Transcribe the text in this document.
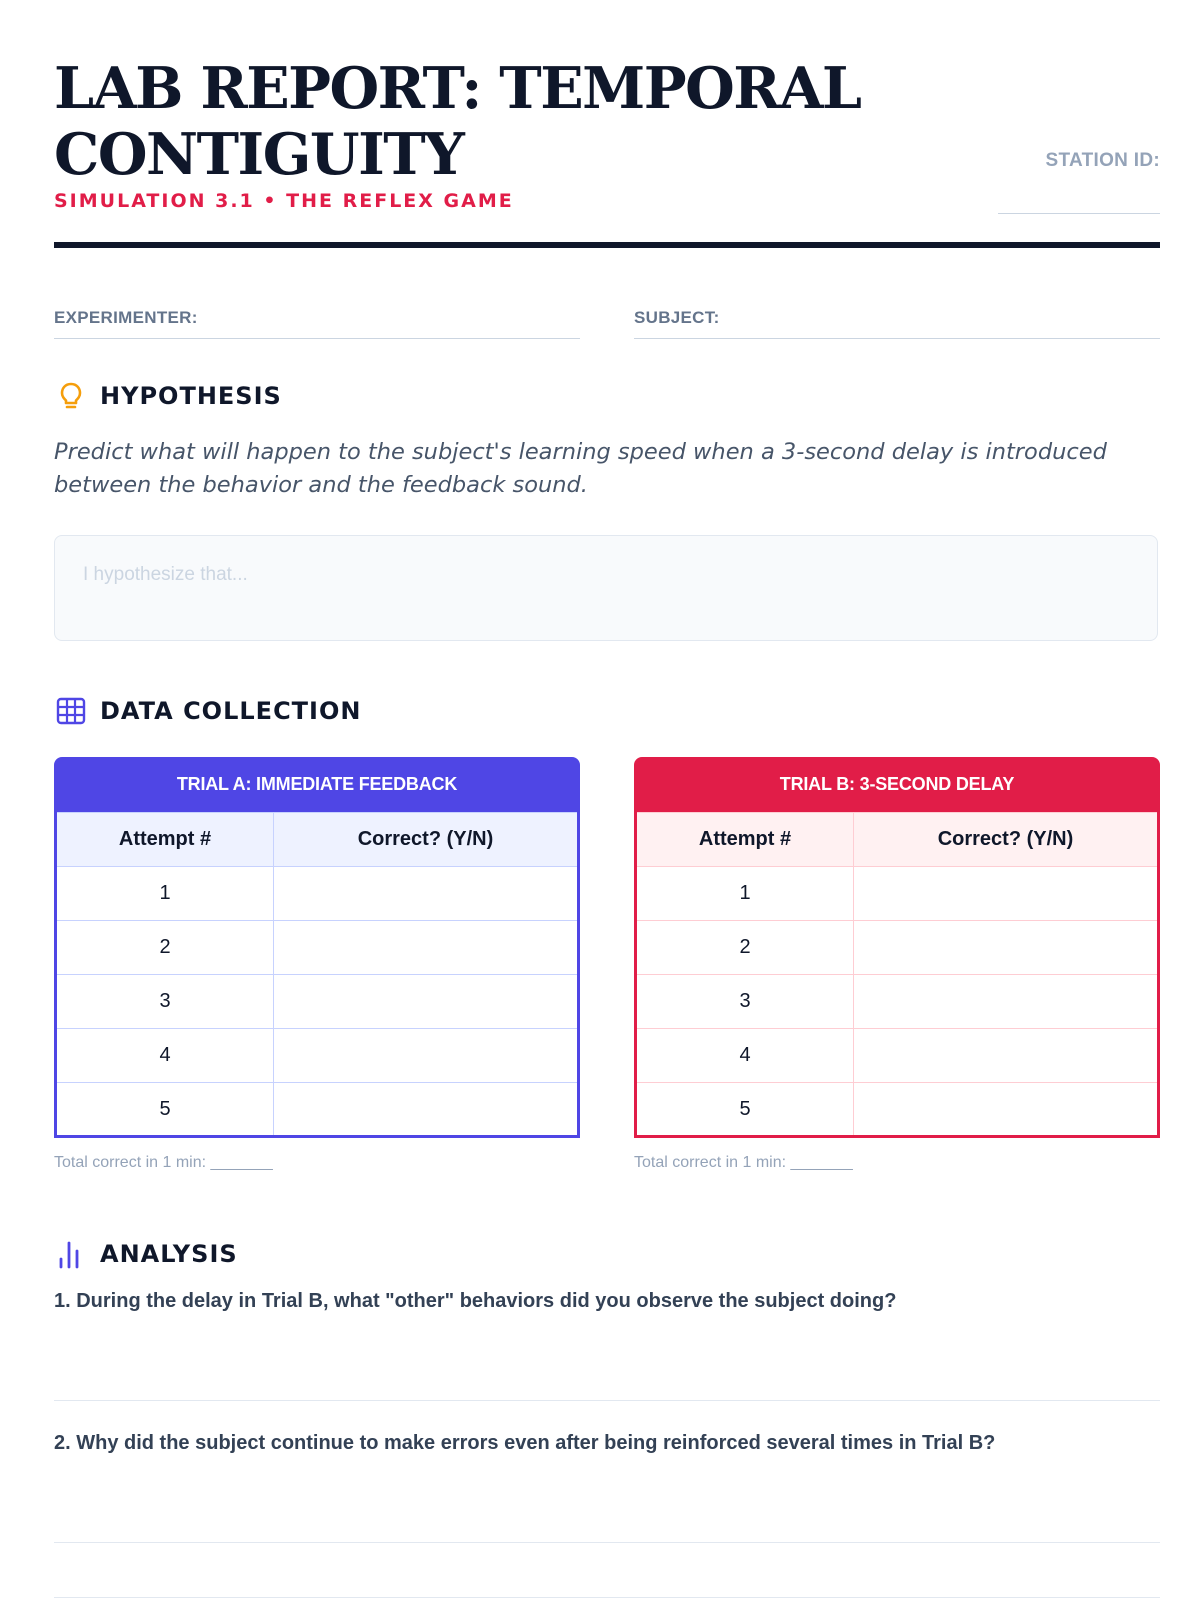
LAB REPORT: TEMPORAL CONTIGUITY
SIMULATION 3.1 • THE REFLEX GAME
STATION ID:
EXPERIMENTER:	SUBJECT:
HYPOTHESIS
Predict what will happen to the subject's learning speed when a 3-second delay is introduced between the behavior and the feedback sound.
I hypothesize that...
DATA COLLECTION
TRIAL A: IMMEDIATE FEEDBACK
Attempt #	Correct? (Y/N)
1	
2	
3	
4	
5	
Total correct in 1 min: _______
TRIAL B: 3-SECOND DELAY
Attempt #	Correct? (Y/N)
1	
2	
3	
4	
5	
Total correct in 1 min: _______
ANALYSIS
1. During the delay in Trial B, what "other" behaviors did you observe the subject doing?
2. Why did the subject continue to make errors even after being reinforced several times in Trial B?
